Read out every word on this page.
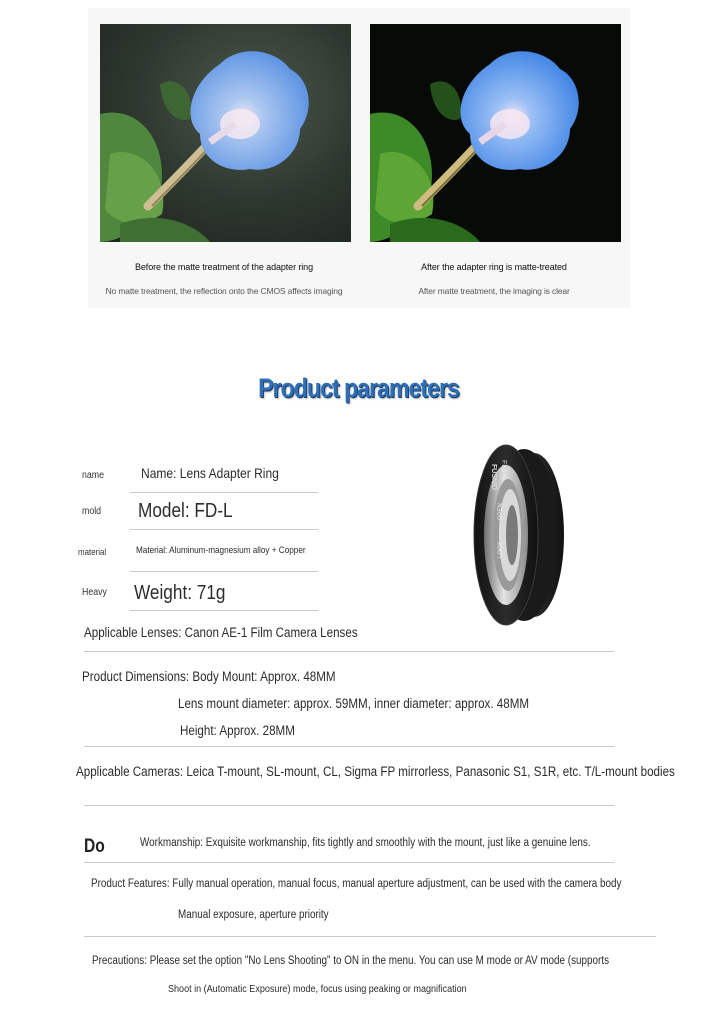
Before the matte treatment of the adapter ring
No matte treatment, the reflection onto the CMOS affects imaging
After the adapter ring is matte-treated
After matte treatment, the imaging is clear
Product parameters
name	Name: Lens Adapter Ring
mold Model: FD-L
material	Material: Aluminum-magnesium alloy + Copper
Heavy Weight: 71g
FD-L
FUSNID
LOCK ——— OPEN
Applicable Lenses: Canon AE-1 Film Camera Lenses
Product Dimensions: Body Mount: Approx. 48MM
Lens mount diameter: approx. 59MM, inner diameter: approx. 48MM
Height: Approx. 28MM
Applicable Cameras: Leica T-mount, SL-mount, CL, Sigma FP mirrorless, Panasonic S1, S1R, etc. T/L-mount bodies
Do	Workmanship: Exquisite workmanship, fits tightly and smoothly with the mount, just like a genuine lens.
Product Features: Fully manual operation, manual focus, manual aperture adjustment, can be used with the camera body
Manual exposure, aperture priority
Precautions: Please set the option "No Lens Shooting" to ON in the menu. You can use M mode or AV mode (supports
Shoot in (Automatic Exposure) mode, focus using peaking or magnification
